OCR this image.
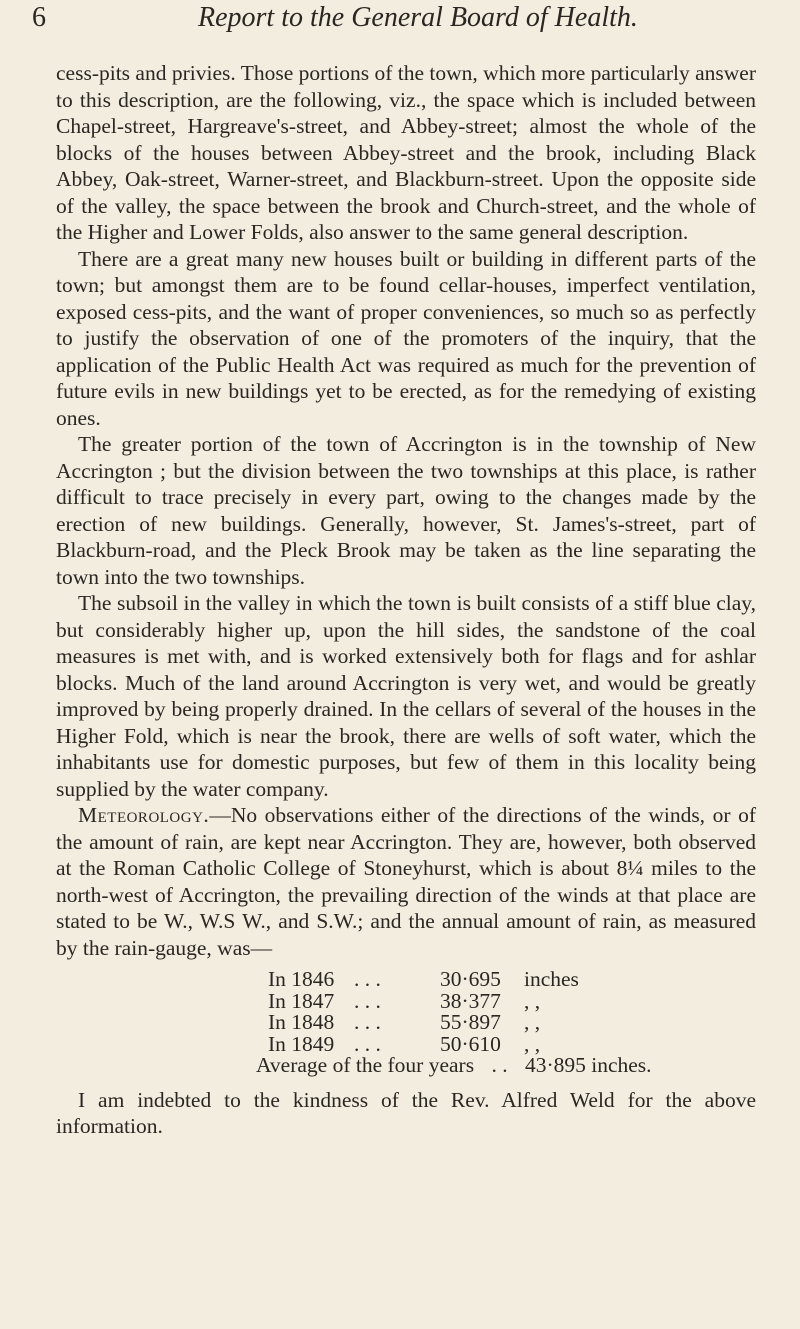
6	Report to the General Board of Health.

cess-pits and privies. Those portions of the town, which more particularly answer to this description, are the following, viz., the space which is included between Chapel-street, Hargreave's-street, and Abbey-street; almost the whole of the blocks of the houses between Abbey-street and the brook, including Black Abbey, Oak-street, Warner-street, and Blackburn-street. Upon the opposite side of the valley, the space between the brook and Church-street, and the whole of the Higher and Lower Folds, also answer to the same general description.

There are a great many new houses built or building in different parts of the town; but amongst them are to be found cellar-houses, imperfect ventilation, exposed cess-pits, and the want of proper conveniences, so much so as perfectly to justify the observation of one of the promoters of the inquiry, that the application of the Public Health Act was required as much for the prevention of future evils in new buildings yet to be erected, as for the remedying of existing ones.

The greater portion of the town of Accrington is in the township of New Accrington ; but the division between the two townships at this place, is rather difficult to trace precisely in every part, owing to the changes made by the erection of new buildings. Generally, however, St. James's-street, part of Blackburn-road, and the Pleck Brook may be taken as the line separating the town into the two townships.

The subsoil in the valley in which the town is built consists of a stiff blue clay, but considerably higher up, upon the hill sides, the sandstone of the coal measures is met with, and is worked extensively both for flags and for ashlar blocks. Much of the land around Accrington is very wet, and would be greatly improved by being properly drained. In the cellars of several of the houses in the Higher Fold, which is near the brook, there are wells of soft water, which the inhabitants use for domestic purposes, but few of them in this locality being supplied by the water company.

Meteorology.—No observations either of the directions of the winds, or of the amount of rain, are kept near Accrington. They are, however, both observed at the Roman Catholic College of Stoneyhurst, which is about 8¼ miles to the north-west of Accrington, the prevailing direction of the winds at that place are stated to be W., W.S W., and S.W.; and the annual amount of rain, as measured by the rain-gauge, was—

In 1846 . . .	30·695	inches
In 1847 . . .	38·377	, ,
In 1848 . . .	55·897	, ,
In 1849 . . .	50·610	, ,
Average of the four years . . 43·895 inches.

I am indebted to the kindness of the Rev. Alfred Weld for the above information.
